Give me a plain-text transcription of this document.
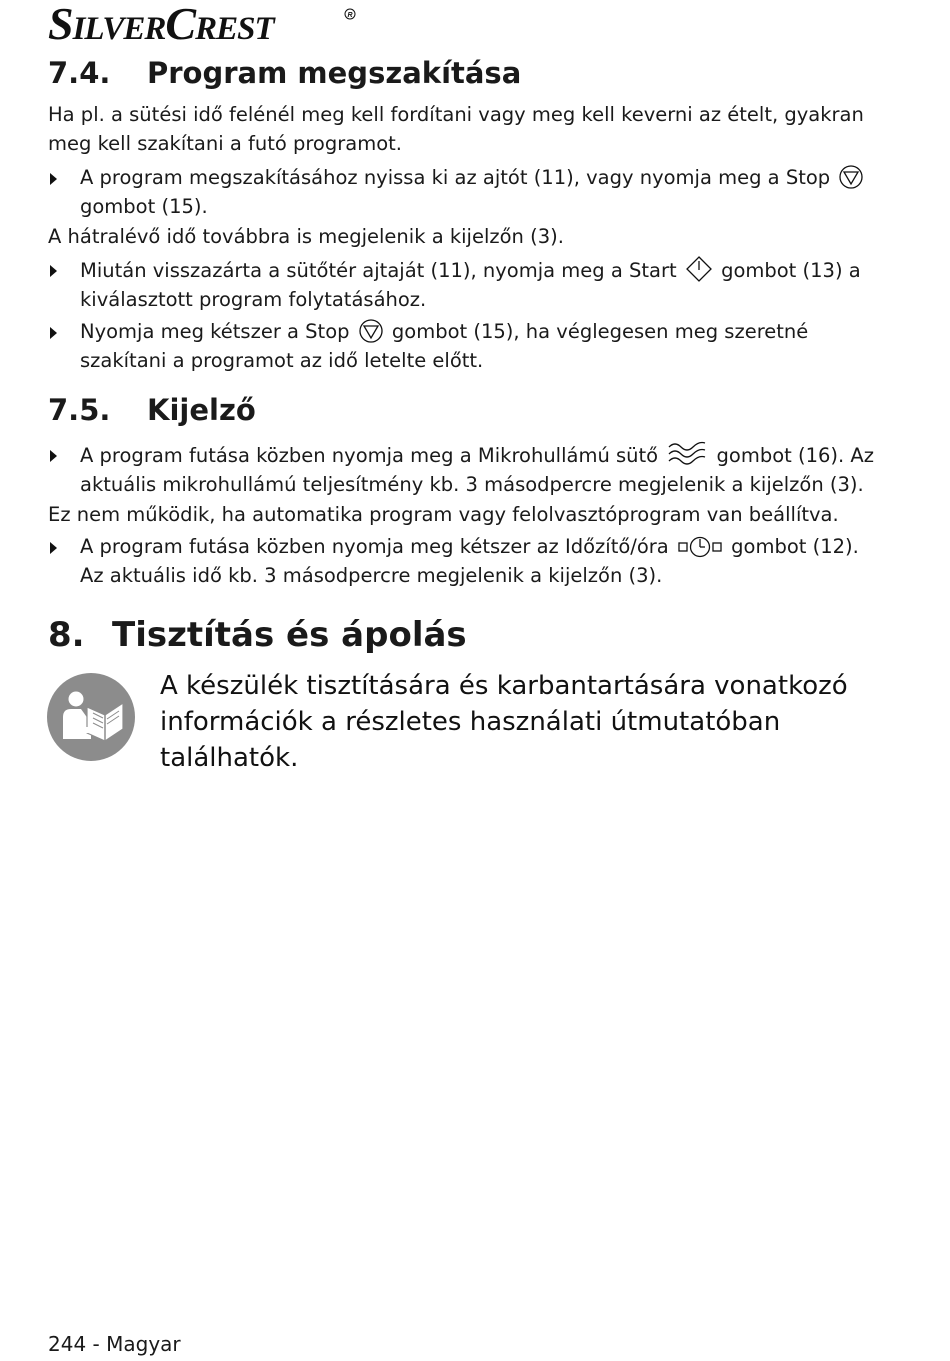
SILVERCREST	R
7.4. Program megszakítása
Ha pl. a sütési idő felénél meg kell fordítani vagy meg kell keverni az ételt, gyakran meg kell szakítani a futó programot.
A program megszakításához nyissa ki az ajtót (11), vagy nyomja meg a Stop  gombot (15).
A hátralévő idő továbbra is megjelenik a kijelzőn (3).
Miután visszazárta a sütőtér ajtaját (11), nyomja meg a Start gombot (13) a kiválasztott program folytatásához.
Nyomja meg kétszer a Stop gombot (15), ha véglegesen meg szeretné szakítani a programot az idő letelte előtt.
7.5. Kijelző
A program futása közben nyomja meg a Mikrohullámú sütő	gombot (16). Az aktuális mikrohullámú teljesítmény kb. 3 másodpercre megjelenik a kijelzőn (3).
Ez nem működik, ha automatika program vagy felolvasztóprogram van beállítva.
A program futása közben nyomja meg kétszer az Időzítő/óra	gombot (12). Az aktuális idő kb. 3 másodpercre megjelenik a kijelzőn (3).
8. Tisztítás és ápolás
A készülék tisztítására és karbantartására vonatkozó információk a részletes használati útmutatóban találhatók.
244 - Magyar
